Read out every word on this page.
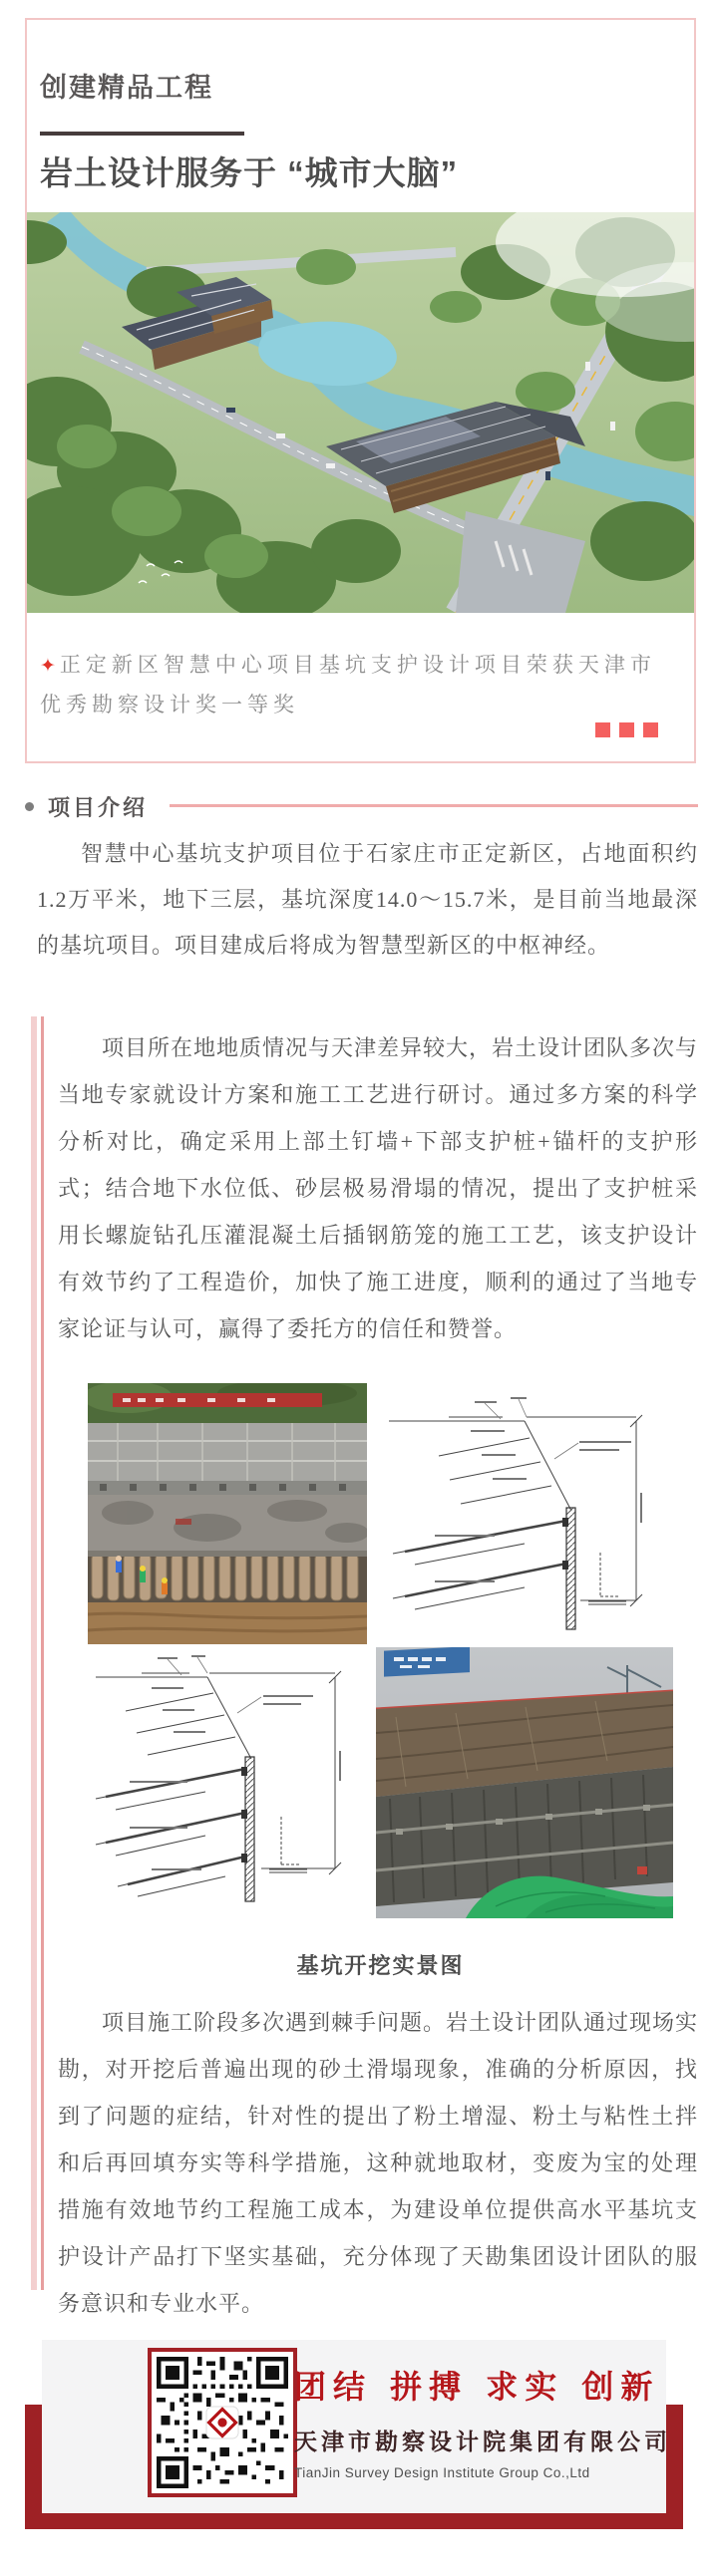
创建精品工程
岩土设计服务于 “城市大脑”
✦ 正定新区智慧中心项目基坑支护设计项目荣获天津市优秀勘察设计奖一等奖
项目介绍
智慧中心基坑支护项目位于石家庄市正定新区，占地面积约1.2万平米，地下三层，基坑深度14.0～15.7米，是目前当地最深的基坑项目。项目建成后将成为智慧型新区的中枢神经。
项目所在地地质情况与天津差异较大，岩土设计团队多次与当地专家就设计方案和施工工艺进行研讨。通过多方案的科学分析对比，确定采用上部土钉墙+下部支护桩+锚杆的支护形式；结合地下水位低、砂层极易滑塌的情况，提出了支护桩采用长螺旋钻孔压灌混凝土后插钢筋笼的施工工艺，该支护设计有效节约了工程造价，加快了施工进度，顺利的通过了当地专家论证与认可，赢得了委托方的信任和赞誉。
基坑开挖实景图
项目施工阶段多次遇到棘手问题。岩土设计团队通过现场实勘，对开挖后普遍出现的砂土滑塌现象，准确的分析原因，找到了问题的症结，针对性的提出了粉土增湿、粉土与粘性土拌和后再回填夯实等科学措施，这种就地取材，变废为宝的处理措施有效地节约工程施工成本，为建设单位提供高水平基坑支护设计产品打下坚实基础，充分体现了天勘集团设计团队的服务意识和专业水平。
团结 拼搏 求实 创新
天津市勘察设计院集团有限公司
TianJin Survey Design Institute Group Co.,Ltd
